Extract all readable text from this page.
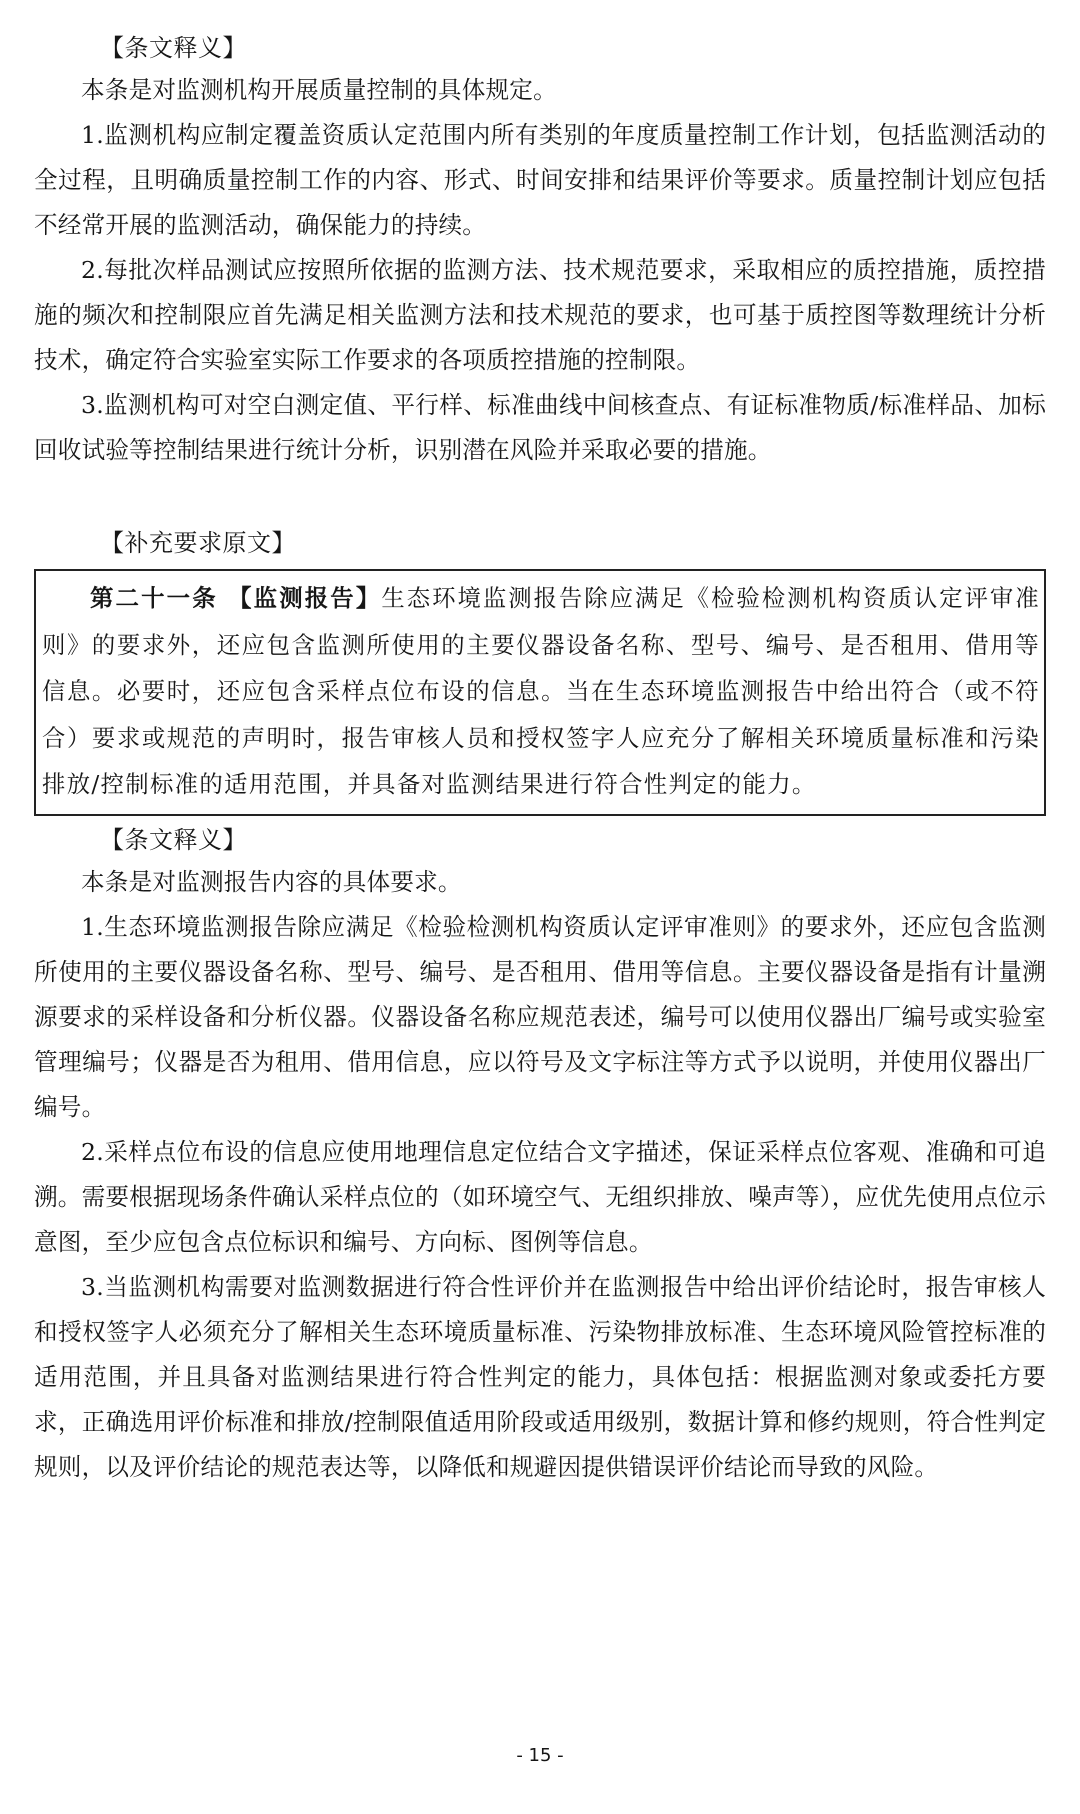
【条文释义】

本条是对监测机构开展质量控制的具体规定。

1.监测机构应制定覆盖资质认定范围内所有类别的年度质量控制工作计划，包括监测活动的全过程，且明确质量控制工作的内容、形式、时间安排和结果评价等要求。质量控制计划应包括不经常开展的监测活动，确保能力的持续。

2.每批次样品测试应按照所依据的监测方法、技术规范要求，采取相应的质控措施，质控措施的频次和控制限应首先满足相关监测方法和技术规范的要求，也可基于质控图等数理统计分析技术，确定符合实验室实际工作要求的各项质控措施的控制限。

3.监测机构可对空白测定值、平行样、标准曲线中间核查点、有证标准物质/标准样品、加标回收试验等控制结果进行统计分析，识别潜在风险并采取必要的措施。

【补充要求原文】

第二十一条 【监测报告】生态环境监测报告除应满足《检验检测机构资质认定评审准则》的要求外，还应包含监测所使用的主要仪器设备名称、型号、编号、是否租用、借用等信息。必要时，还应包含采样点位布设的信息。当在生态环境监测报告中给出符合（或不符合）要求或规范的声明时，报告审核人员和授权签字人应充分了解相关环境质量标准和污染排放/控制标准的适用范围，并具备对监测结果进行符合性判定的能力。

【条文释义】

本条是对监测报告内容的具体要求。

1.生态环境监测报告除应满足《检验检测机构资质认定评审准则》的要求外，还应包含监测所使用的主要仪器设备名称、型号、编号、是否租用、借用等信息。主要仪器设备是指有计量溯源要求的采样设备和分析仪器。仪器设备名称应规范表述，编号可以使用仪器出厂编号或实验室管理编号；仪器是否为租用、借用信息，应以符号及文字标注等方式予以说明，并使用仪器出厂编号。

2.采样点位布设的信息应使用地理信息定位结合文字描述，保证采样点位客观、准确和可追溯。需要根据现场条件确认采样点位的（如环境空气、无组织排放、噪声等），应优先使用点位示意图，至少应包含点位标识和编号、方向标、图例等信息。

3.当监测机构需要对监测数据进行符合性评价并在监测报告中给出评价结论时，报告审核人和授权签字人必须充分了解相关生态环境质量标准、污染物排放标准、生态环境风险管控标准的适用范围，并且具备对监测结果进行符合性判定的能力，具体包括：根据监测对象或委托方要求，正确选用评价标准和排放/控制限值适用阶段或适用级别，数据计算和修约规则，符合性判定规则，以及评价结论的规范表达等，以降低和规避因提供错误评价结论而导致的风险。

- 15 -
